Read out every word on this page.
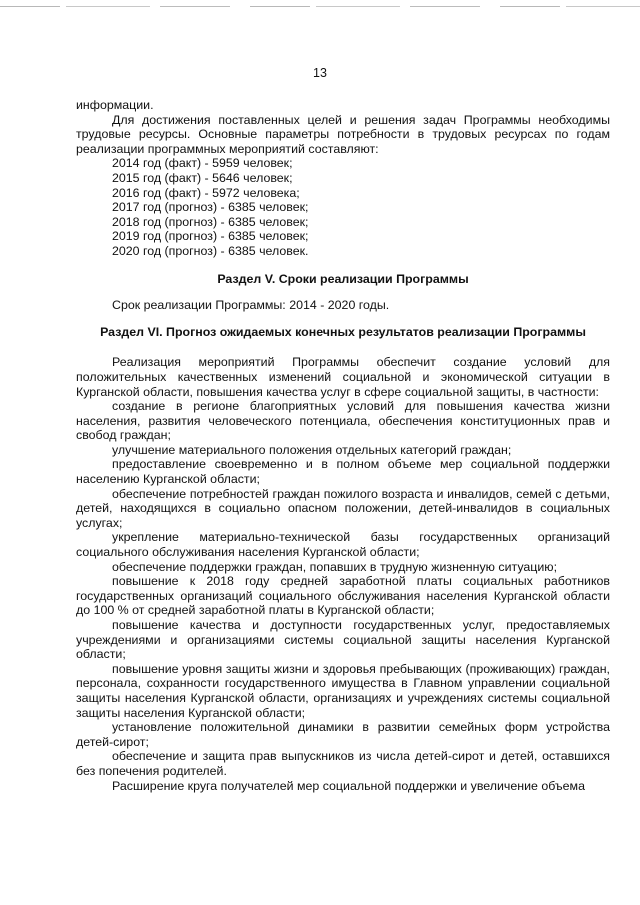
13

информации.

Для достижения поставленных целей и решения задач Программы необходимы трудовые ресурсы. Основные параметры потребности в трудовых ресурсах по годам реализации программных мероприятий составляют:

2014 год (факт) - 5959 человек;

2015 год (факт) - 5646 человек;

2016 год (факт) - 5972 человека;

2017 год (прогноз) - 6385 человек;

2018 год (прогноз) - 6385 человек;

2019 год (прогноз) - 6385 человек;

2020 год (прогноз) - 6385 человек.

Раздел V. Сроки реализации Программы

Срок реализации Программы: 2014 - 2020 годы.

Раздел VI. Прогноз ожидаемых конечных результатов реализации Программы

Реализация мероприятий Программы обеспечит создание условий для положительных качественных изменений социальной и экономической ситуации в Курганской области, повышения качества услуг в сфере социальной защиты, в частности:

создание в регионе благоприятных условий для повышения качества жизни населения, развития человеческого потенциала, обеспечения конституционных прав и свобод граждан;

улучшение материального положения отдельных категорий граждан;

предоставление своевременно и в полном объеме мер социальной поддержки населению Курганской области;

обеспечение потребностей граждан пожилого возраста и инвалидов, семей с детьми, детей, находящихся в социально опасном положении, детей-инвалидов в социальных услугах;

укрепление материально-технической базы государственных организаций социального обслуживания населения Курганской области;

обеспечение поддержки граждан, попавших в трудную жизненную ситуацию;

повышение к 2018 году средней заработной платы социальных работников государственных организаций социального обслуживания населения Курганской области до 100 % от средней заработной платы в Курганской области;

повышение качества и доступности государственных услуг, предоставляемых учреждениями и организациями системы социальной защиты населения Курганской области;

повышение уровня защиты жизни и здоровья пребывающих (проживающих) граждан, персонала, сохранности государственного имущества в Главном управлении социальной защиты населения Курганской области, организациях и учреждениях системы социальной защиты населения Курганской области;

установление положительной динамики в развитии семейных форм устройства детей-сирот;

обеспечение и защита прав выпускников из числа детей-сирот и детей, оставшихся без попечения родителей.

Расширение круга получателей мер социальной поддержки и увеличение объема
